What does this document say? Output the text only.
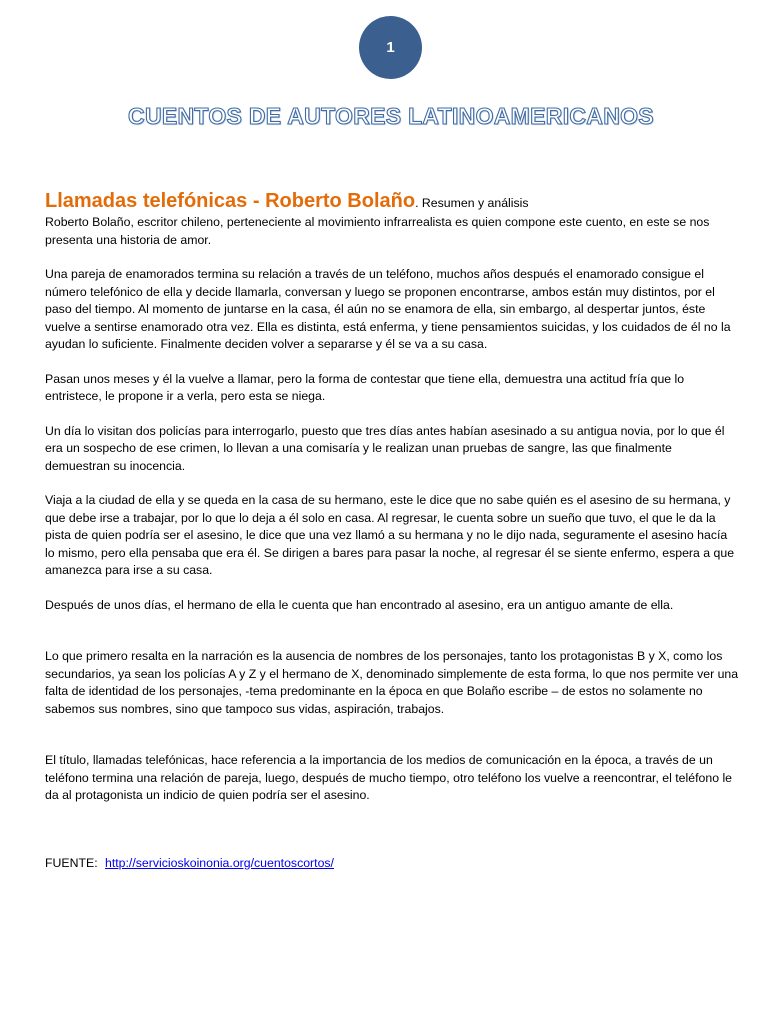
1
CUENTOS DE AUTORES LATINOAMERICANOS

Llamadas telefónicas - Roberto Bolaño. Resumen y análisis

Roberto Bolaño, escritor chileno, perteneciente al movimiento infrarrealista es quien compone este cuento, en este se nos presenta una historia de amor.

Una pareja de enamorados termina su relación a través de un teléfono, muchos años después el enamorado consigue el número telefónico de ella y decide llamarla, conversan y luego se proponen encontrarse, ambos están muy distintos, por el paso del tiempo. Al momento de juntarse en la casa, él aún no se enamora de ella, sin embargo, al despertar juntos, éste vuelve a sentirse enamorado otra vez. Ella es distinta, está enferma, y tiene pensamientos suicidas, y los cuidados de él no la ayudan lo suficiente. Finalmente deciden volver a separarse y él se va a su casa.

Pasan unos meses y él la vuelve a llamar, pero la forma de contestar que tiene ella, demuestra una actitud fría que lo entristece, le propone ir a verla, pero esta se niega.

Un día lo visitan dos policías para interrogarlo, puesto que tres días antes habían asesinado a su antigua novia, por lo que él era un sospecho de ese crimen, lo llevan a una comisaría y le realizan unan pruebas de sangre, las que finalmente demuestran su inocencia.

Viaja a la ciudad de ella y se queda en la casa de su hermano, este le dice que no sabe quién es el asesino de su hermana, y que debe irse a trabajar, por lo que lo deja a él solo en casa. Al regresar, le cuenta sobre un sueño que tuvo, el que le da la pista de quien podría ser el asesino, le dice que una vez llamó a su hermana y no le dijo nada, seguramente el asesino hacía lo mismo, pero ella pensaba que era él. Se dirigen a bares para pasar la noche, al regresar él se siente enfermo, espera a que amanezca para irse a su casa.

Después de unos días, el hermano de ella le cuenta que han encontrado al asesino, era un antiguo amante de ella.

Lo que primero resalta en la narración es la ausencia de nombres de los personajes, tanto los protagonistas B y X, como los secundarios, ya sean los policías A y Z y el hermano de X, denominado simplemente de esta forma, lo que nos permite ver una falta de identidad de los personajes, -tema predominante en la época en que Bolaño escribe – de estos no solamente no sabemos sus nombres, sino que tampoco sus vidas, aspiración, trabajos.

El título, llamadas telefónicas, hace referencia a la importancia de los medios de comunicación en la época, a través de un teléfono termina una relación de pareja, luego, después de mucho tiempo, otro teléfono los vuelve a reencontrar, el teléfono le da al protagonista un indicio de quien podría ser el asesino.

FUENTE: http://servicioskoinonia.org/cuentoscortos/
